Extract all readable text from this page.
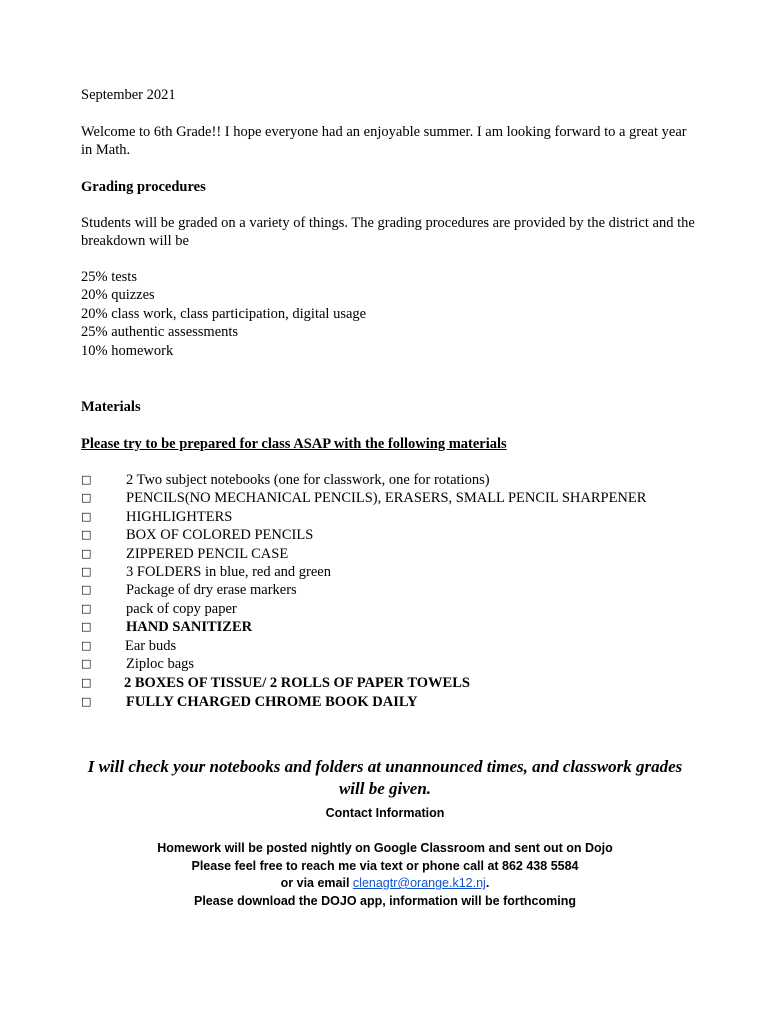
September 2021

Welcome to 6th Grade!! I hope everyone had an enjoyable summer. I am looking forward to a great year in Math.

Grading procedures

Students will be graded on a variety of things. The grading procedures are provided by the district and the breakdown will be

25% tests
20% quizzes
20% class work, class participation, digital usage
25% authentic assessments
10% homework

Materials

Please try to be prepared for class ASAP with the following materials

□	2 Two subject notebooks (one for classwork, one for rotations)
□	PENCILS(NO MECHANICAL PENCILS), ERASERS, SMALL PENCIL SHARPENER
□	HIGHLIGHTERS
□	BOX OF COLORED PENCILS
□	ZIPPERED PENCIL CASE
□	3 FOLDERS in blue, red and green
□	Package of dry erase markers
□	pack of copy paper
□	HAND SANITIZER
□	Ear buds
□	Ziploc bags
□	2 BOXES OF TISSUE/ 2 ROLLS OF PAPER TOWELS
□	FULLY CHARGED CHROME BOOK DAILY

I will check your notebooks and folders at unannounced times, and classwork grades will be given.

Contact Information
Homework will be posted nightly on Google Classroom and sent out on Dojo
Please feel free to reach me via text or phone call at 862 438 5584
or via email clenagtr@orange.k12.nj.
Please download the DOJO app, information will be forthcoming
